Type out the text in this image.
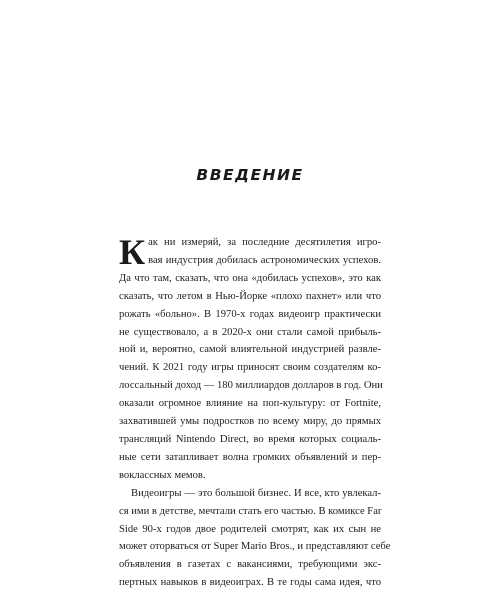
ВВЕДЕНИЕ
К ак ни измеряй, за последние десятилетия игро-
вая индустрия добилась астрономических успехов.
Да что там, сказать, что она «добилась успехов», это как
сказать, что летом в Нью-Йорке «плохо пахнет» или что
рожать «больно». В 1970-х годах видеоигр практически
не существовало, а в 2020-х они стали самой прибыль-
ной и, вероятно, самой влиятельной индустрией развле-
чений. К 2021 году игры приносят своим создателям ко-
лоссальный доход — 180 миллиардов долларов в год. Они
оказали огромное влияние на поп-культуру: от Fortnite,
захватившей умы подростков по всему миру, до прямых
трансляций Nintendo Direct, во время которых социаль-
ные сети затапливает волна громких объявлений и пер-
воклассных мемов.
Видеоигры — это большой бизнес. И все, кто увлекал-
ся ими в детстве, мечтали стать его частью. В комиксе Far
Side 90-х годов двое родителей смотрят, как их сын не
может оторваться от Super Mario Bros., и представляют себе
объявления в газетах с вакансиями, требующими экс-
пертных навыков в видеоиграх. В те годы сама идея, что
